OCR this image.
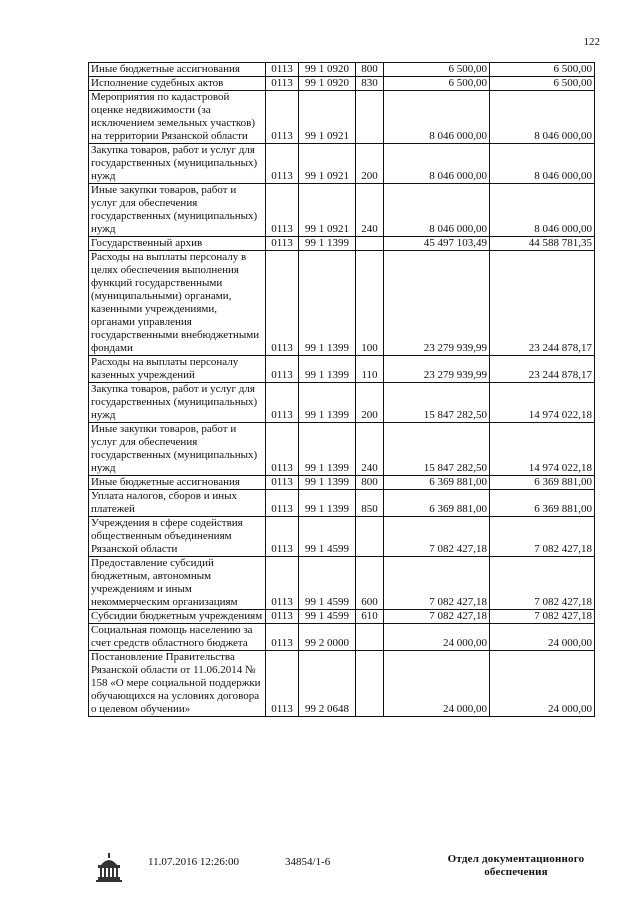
122
Иные бюджетные ассигнования	0113	99 1 0920	800	6 500,00	6 500,00
Исполнение судебных актов	0113	99 1 0920	830	6 500,00	6 500,00
Мероприятия по кадастровой оценке недвижимости (за исключением земельных участков) на территории Рязанской области	0113	99 1 0921		8 046 000,00	8 046 000,00
Закупка товаров, работ и услуг для государственных (муниципальных) нужд	0113	99 1 0921	200	8 046 000,00	8 046 000,00
Иные закупки товаров, работ и услуг для обеспечения государственных (муниципальных) нужд	0113	99 1 0921	240	8 046 000,00	8 046 000,00
Государственный архив	0113	99 1 1399		45 497 103,49	44 588 781,35
Расходы на выплаты персоналу в целях обеспечения выполнения функций государственными (муниципальными) органами, казенными учреждениями, органами управления государственными внебюджетными фондами	0113	99 1 1399	100	23 279 939,99	23 244 878,17
Расходы на выплаты персоналу казенных учреждений	0113	99 1 1399	110	23 279 939,99	23 244 878,17
Закупка товаров, работ и услуг для государственных (муниципальных) нужд	0113	99 1 1399	200	15 847 282,50	14 974 022,18
Иные закупки товаров, работ и услуг для обеспечения государственных (муниципальных) нужд	0113	99 1 1399	240	15 847 282,50	14 974 022,18
Иные бюджетные ассигнования	0113	99 1 1399	800	6 369 881,00	6 369 881,00
Уплата налогов, сборов и иных платежей	0113	99 1 1399	850	6 369 881,00	6 369 881,00
Учреждения в сфере содействия общественным объединениям Рязанской области	0113	99 1 4599		7 082 427,18	7 082 427,18
Предоставление субсидий бюджетным, автономным учреждениям и иным некоммерческим организациям	0113	99 1 4599	600	7 082 427,18	7 082 427,18
Субсидии бюджетным учреждениям	0113	99 1 4599	610	7 082 427,18	7 082 427,18
Социальная помощь населению за счет средств областного бюджета	0113	99 2 0000		24 000,00	24 000,00
Постановление Правительства Рязанской области от 11.06.2014 № 158 «О мере социальной поддержки обучающихся на условиях договора о целевом обучении»	0113	99 2 0648		24 000,00	24 000,00
11.07.2016 12:26:00	34854/1-6	Отдел документационного
обеспечения
